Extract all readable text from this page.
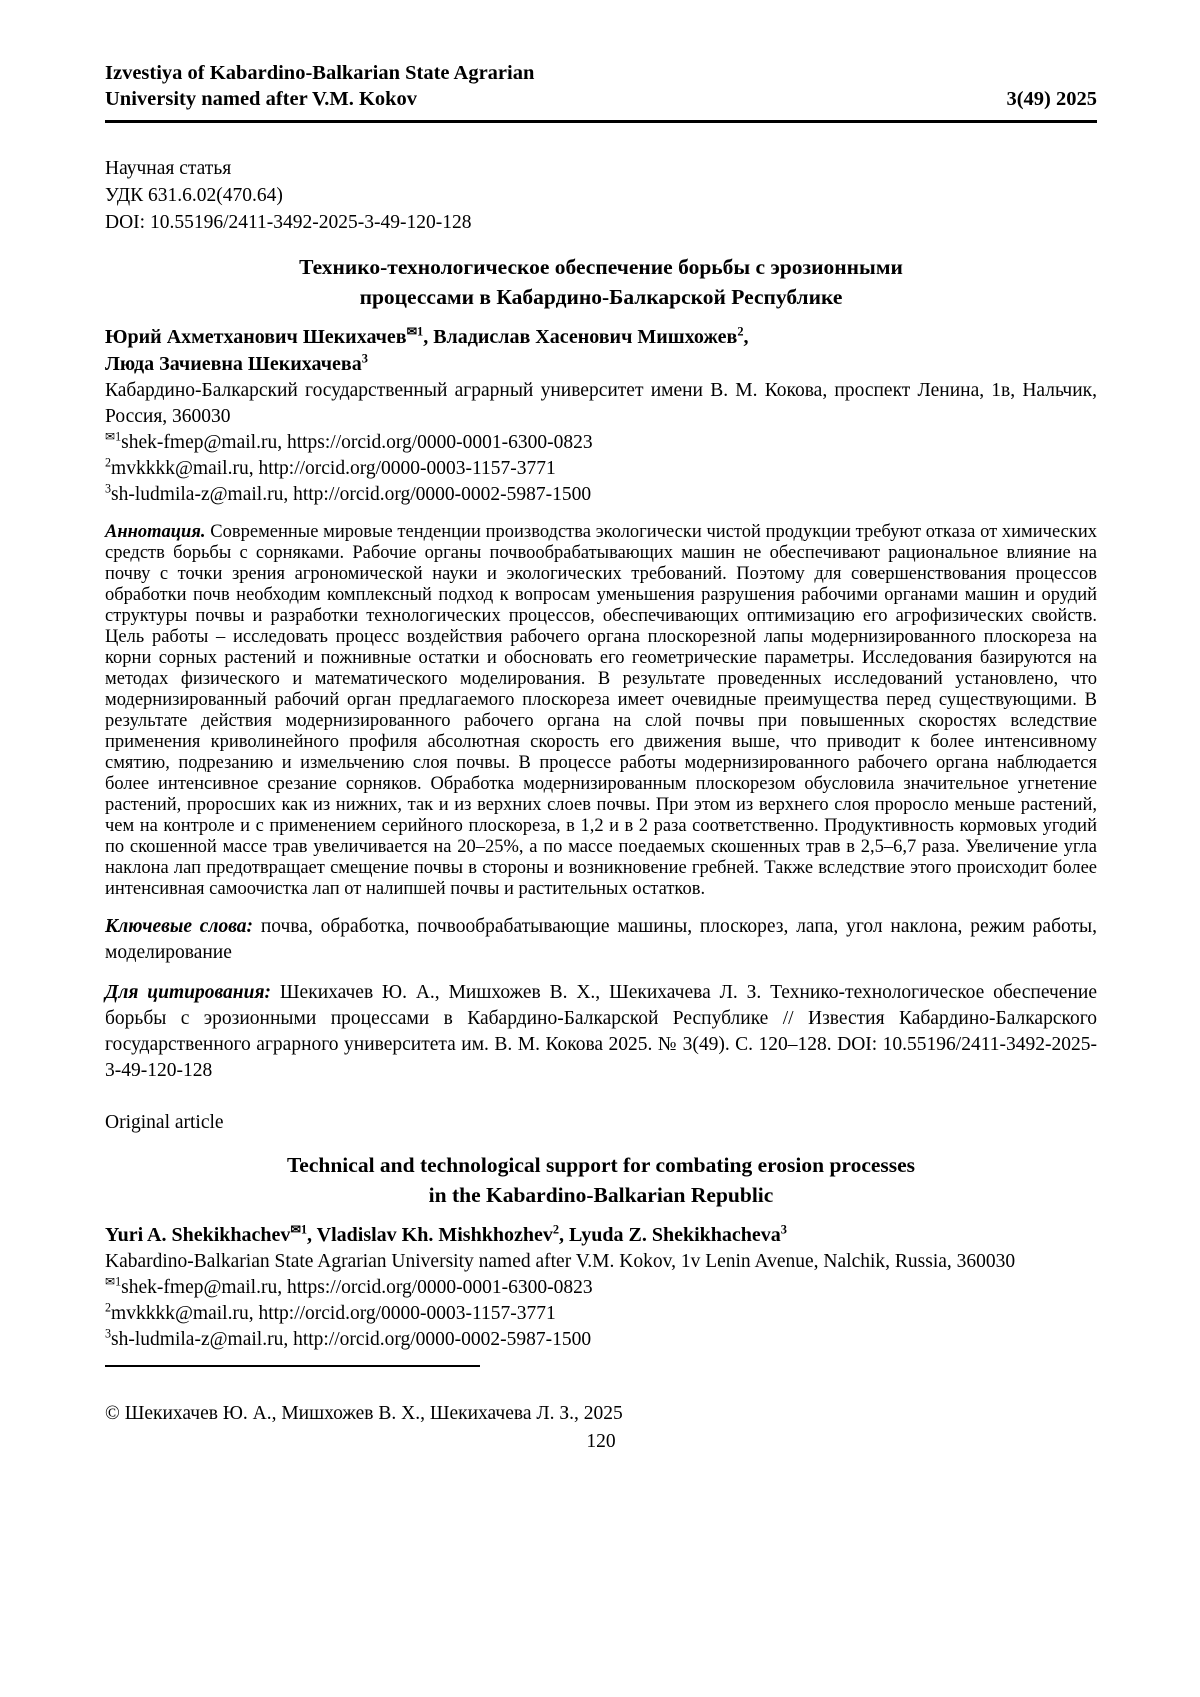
Izvestiya of Kabardino-Balkarian State Agrarian
University named after V.M. Kokov	3(49) 2025
Научная статья
УДК 631.6.02(470.64)
DOI: 10.55196/2411-3492-2025-3-49-120-128
Технико-технологическое обеспечение борьбы с эрозионными
процессами в Кабардино-Балкарской Республике
Юрий Ахметханович Шекихачев$^{✉1}$, Владислав Хасенович Мишхожев$^2$,
Люда Зачиевна Шекихачева$^3$

Кабардино-Балкарский государственный аграрный университет имени В. М. Кокова, проспект Ленина, 1в, Нальчик, Россия, 360030

$^{✉1}$shek-fmep@mail.ru, https://orcid.org/0000-0001-6300-0823
$^2$mvkkkk@mail.ru, http://orcid.org/0000-0003-1157-3771
$^3$sh-ludmila-z@mail.ru, http://orcid.org/0000-0002-5987-1500

Аннотация. Современные мировые тенденции производства экологически чистой продукции требуют отказа от химических средств борьбы с сорняками. Рабочие органы почвообрабатывающих машин не обеспечивают рациональное влияние на почву с точки зрения агрономической науки и экологических требований. Поэтому для совершенствования процессов обработки почв необходим комплексный подход к вопросам уменьшения разрушения рабочими органами машин и орудий структуры почвы и разработки технологических процессов, обеспечивающих оптимизацию его агрофизических свойств. Цель работы – исследовать процесс воздействия рабочего органа плоскорезной лапы модернизированного плоскореза на корни сорных растений и пожнивные остатки и обосновать его геометрические параметры. Исследования базируются на методах физического и математического моделирования. В результате проведенных исследований установлено, что модернизированный рабочий орган предлагаемого плоскореза имеет очевидные преимущества перед существующими. В результате действия модернизированного рабочего органа на слой почвы при повышенных скоростях вследствие применения криволинейного профиля абсолютная скорость его движения выше, что приводит к более интенсивному смятию, подрезанию и измельчению слоя почвы. В процессе работы модернизированного рабочего органа наблюдается более интенсивное срезание сорняков. Обработка модернизированным плоскорезом обусловила значительное угнетение растений, проросших как из нижних, так и из верхних слоев почвы. При этом из верхнего слоя проросло меньше растений, чем на контроле и с применением серийного плоскореза, в 1,2 и в 2 раза соответственно. Продуктивность кормовых угодий по скошенной массе трав увеличивается на 20–25%, а по массе поедаемых скошенных трав в 2,5–6,7 раза. Увеличение угла наклона лап предотвращает смещение почвы в стороны и возникновение гребней. Также вследствие этого происходит более интенсивная самоочистка лап от налипшей почвы и растительных остатков.

Ключевые слова: почва, обработка, почвообрабатывающие машины, плоскорез, лапа, угол наклона, режим работы, моделирование

Для цитирования: Шекихачев Ю. А., Мишхожев В. Х., Шекихачева Л. З. Технико-технологическое обеспечение борьбы с эрозионными процессами в Кабардино-Балкарской Республике // Известия Кабардино-Балкарского государственного аграрного университета им. В. М. Кокова 2025. № 3(49). С. 120–128. DOI: 10.55196/2411-3492-2025-3-49-120-128

Original article
Technical and technological support for combating erosion processes
in the Kabardino-Balkarian Republic
Yuri A. Shekikhachev$^{✉1}$, Vladislav Kh. Mishkhozhev$^2$, Lyuda Z. Shekikhacheva$^3$

Kabardino-Balkarian State Agrarian University named after V.M. Kokov, 1v Lenin Avenue, Nalchik, Russia, 360030

$^{✉1}$shek-fmep@mail.ru, https://orcid.org/0000-0001-6300-0823
$^2$mvkkkk@mail.ru, http://orcid.org/0000-0003-1157-3771
$^3$sh-ludmila-z@mail.ru, http://orcid.org/0000-0002-5987-1500
© Шекихачев Ю. А., Мишхожев В. Х., Шекихачева Л. З., 2025
120
